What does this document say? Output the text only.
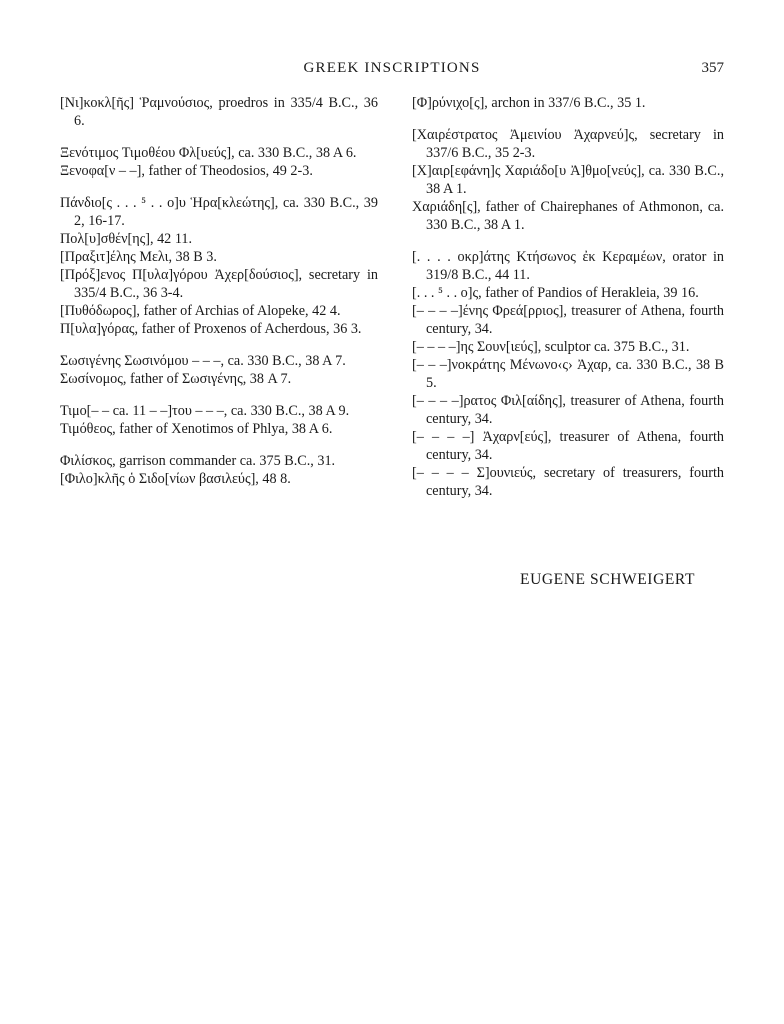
GREEK INSCRIPTIONS	357
[Νι]κοκλ[ῆς] Ῥαμνούσιος, proedros in 335/4 B.C., 36 6.
Ξενότιμος Τιμοθέου Φλ[υεύς], ca. 330 B.C., 38 A 6.
Ξενοφα[ν – –], father of Theodosios, 49 2-3.
Πάνδιο[ς . . . ⁵ . . ο]υ Ἡρα[κλεώτης], ca. 330 B.C., 39 2, 16-17.
Πολ[υ]σθέν[ης], 42 11.
[Πραξιτ]έλης Μελι, 38 B 3.
[Πρόξ]ενος Π[υλα]γόρου Ἀχερ[δούσιος], secretary in 335/4 B.C., 36 3-4.
[Πυθόδωρος], father of Archias of Alopeke, 42 4.
Π[υλα]γόρας, father of Proxenos of Acherdous, 36 3.
Σωσιγένης Σωσινόμου – – –, ca. 330 B.C., 38 A 7.
Σωσίνομος, father of Σωσιγένης, 38 A 7.
Τιμο[– – ca. 11 – –]του – – –, ca. 330 B.C., 38 A 9.
Τιμόθεος, father of Xenotimos of Phlya, 38 A 6.
Φιλίσκος, garrison commander ca. 375 B.C., 31.
[Φιλο]κλῆς ὁ Σιδο[νίων βασιλεύς], 48 8.
[Φ]ρύνιχο[ς], archon in 337/6 B.C., 35 1.
[Χαιρέστρατος Ἀμεινίου Ἀχαρνεύ]ς, secretary in 337/6 B.C., 35 2-3.
[Χ]αιρ[εφάνη]ς Χαριάδο[υ Ἀ]θμο[νεύς], ca. 330 B.C., 38 A 1.
Χαριάδη[ς], father of Chairephanes of Athmonon, ca. 330 B.C., 38 A 1.
[. . . . οκρ]άτης Κτήσωνος ἐκ Κεραμέων, orator in 319/8 B.C., 44 11.
[. . . ⁵ . . ο]ς, father of Pandios of Herakleia, 39 16.
[– – – –]ένης Φρεά[ρριος], treasurer of Athena, fourth century, 34.
[– – – –]ης Σουν[ιεύς], sculptor ca. 375 B.C., 31.
[– – –]νοκράτης Μένωνο‹ς› Ἀχαρ, ca. 330 B.C., 38 B 5.
[– – – –]ρατος Φιλ[αίδης], treasurer of Athena, fourth century, 34.
[– – – –] Ἀχαρν[εύς], treasurer of Athena, fourth century, 34.
[– – – – Σ]ουνιεύς, secretary of treasurers, fourth century, 34.
EUGENE SCHWEIGERT
